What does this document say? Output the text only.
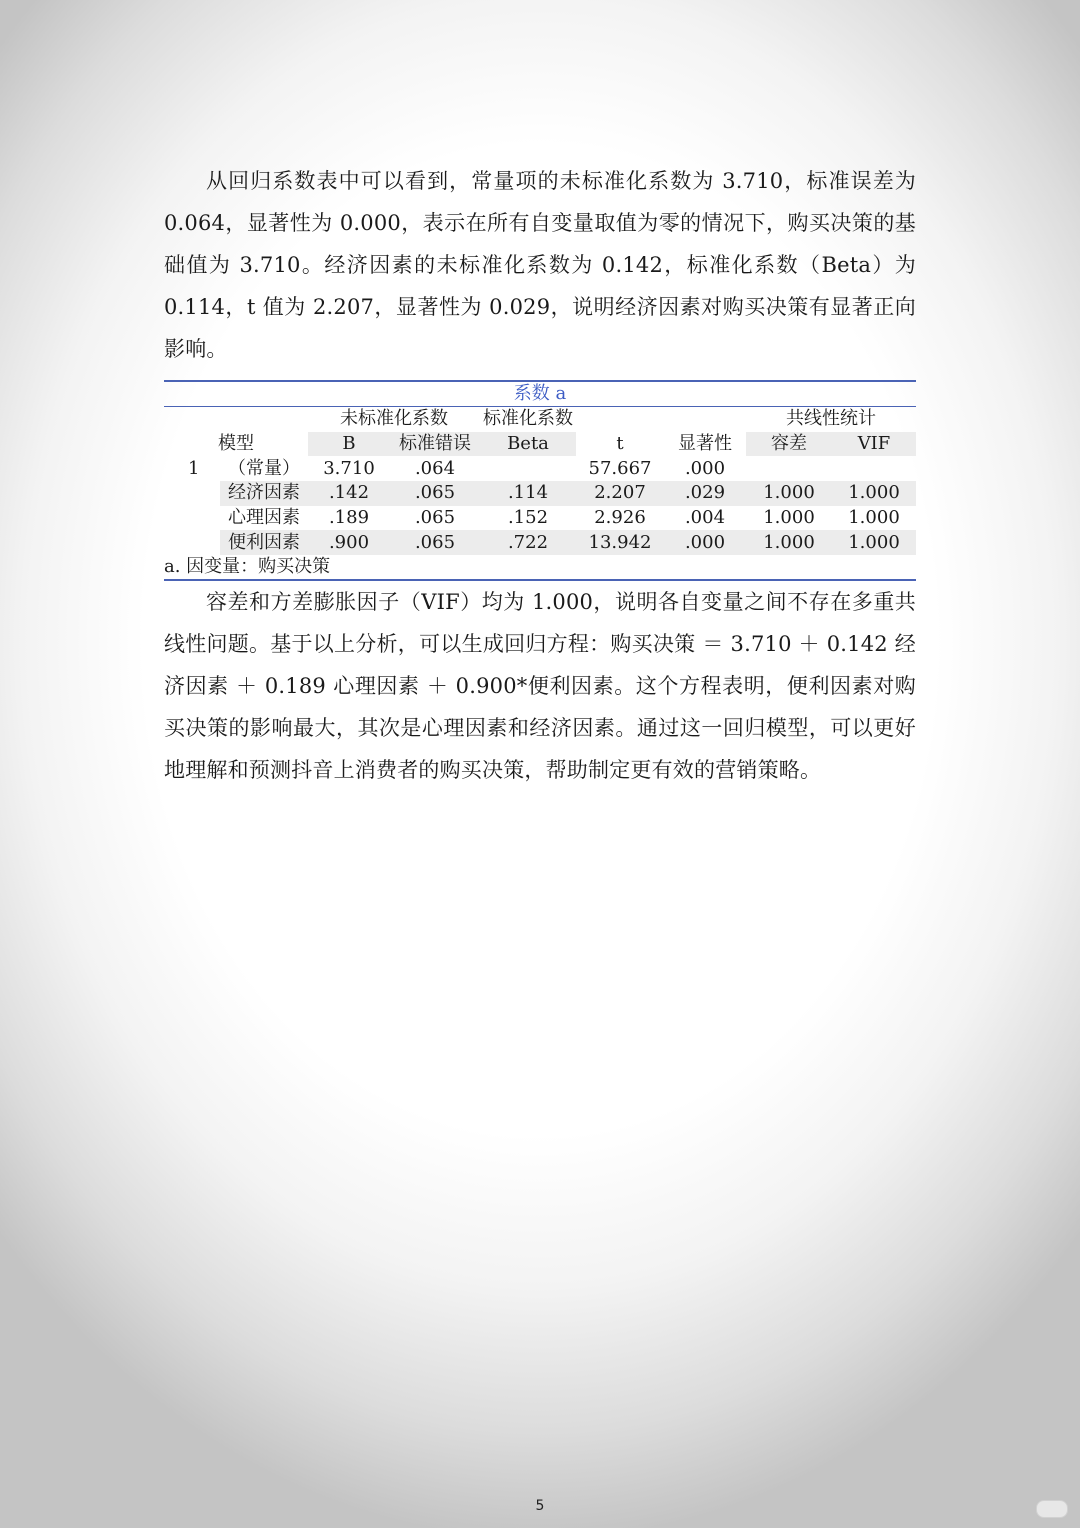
从回归系数表中可以看到，常量项的未标准化系数为 3.710，标准误差为 0.064，显著性为 0.000，表示在所有自变量取值为零的情况下，购买决策的基础值为 3.710。经济因素的未标准化系数为 0.142，标准化系数（Beta）为 0.114，t 值为 2.207，显著性为 0.029，说明经济因素对购买决策有显著正向影响。

系数 a
		未标准化系数		标准化系数			共线性统计	
模型		B	标准错误	Beta	t	显著性	容差	VIF
1	（常量）	3.710	.064		57.667	.000		
	经济因素	.142	.065	.114	2.207	.029	1.000	1.000
	心理因素	.189	.065	.152	2.926	.004	1.000	1.000
	便利因素	.900	.065	.722	13.942	.000	1.000	1.000
a. 因变量：购买决策

容差和方差膨胀因子（VIF）均为 1.000，说明各自变量之间不存在多重共线性问题。基于以上分析，可以生成回归方程：购买决策 ＝ 3.710 ＋ 0.142 经济因素 ＋ 0.189 心理因素 ＋ 0.900*便利因素。这个方程表明，便利因素对购买决策的影响最大，其次是心理因素和经济因素。通过这一回归模型，可以更好地理解和预测抖音上消费者的购买决策，帮助制定更有效的营销策略。

5
